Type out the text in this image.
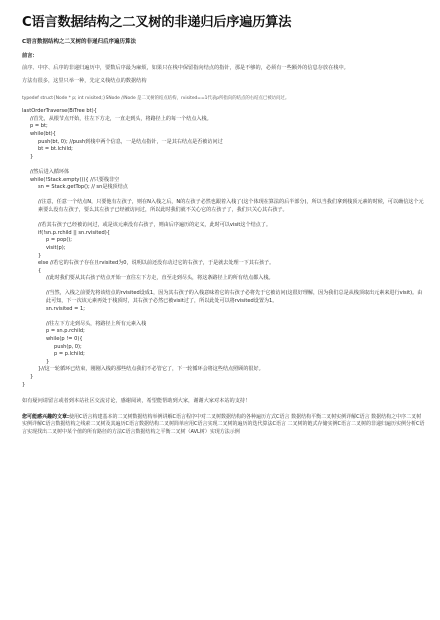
C语言数据结构之二叉树的非递归后序遍历算法
C语言数据结构之二叉树的非递归后序遍历算法
前言：
前序、中序、后序的非递归遍历中，要数后序最为麻烦，如果只在栈中保留指向结点的指针，那是不够的，必须有一些额外的信息存放在栈中。
方法有很多，这里只举一种，先定义栈结点的数据结构
typedef struct{Node * p; int rvisited;}SNode //Node 是二叉树的结点结构，rvisited==1代表p所指向的结点的右结点已被访问过。
lastOrderTraverse(BiTree bt){
//首先，从根节点开始，往左下方走，一直走到头，将路径上的每一个结点入栈。
p = bt;
while(bt){
push(bt, 0); //push到栈中两个信息，一是结点指针，一是其右结点是否被访问过
bt = bt.lchild;
}

//然后进入循环体
while(!Stack.empty()){ //只要栈非空
sn = Stack.getTop(); // sn是栈顶结点

//注意，任意一个结点N，只要他有左孩子，则在N入栈之后，N的左孩子必然也跟着入栈了(这个体现在算法的后半部分)，所以当我们拿到栈顶元素的时候，可以确信这个元素要么没有左孩子，要么其左孩子已经被访问过，所以此时我们就不关心它的左孩子了，我们只关心其右孩子。

//若其右孩子已经被访问过，或是该元素没有右孩子，则由后序遍历的定义，此时可以visit这个结点了。
if(!sn.p.rchild || sn.rvisited){
p = pop();
visit(p);
}
else //若它的右孩子存在且rvisited为0，说明以前还没有动过它的右孩子，于是就去处理一下其右孩子。
{
//此时我们要从其右孩子结点开始一直往左下方走，直至走到尽头，将这条路径上的所有结点都入栈。

//当然，入栈之前要先将该结点的rvisited设成1，因为其右孩子的入栈意味着它的右孩子必将先于它被访问(这很好理解，因为我们总是从栈顶取出元素来进行visit)。由此可知，下一次该元素再处于栈顶时，其右孩子必然已被visit过了，所以此处可以将rvisited设置为1。
sn.rvisited = 1;

//往左下方走到尽头，将路径上所有元素入栈
p = sn.p.rchild;
while(p != 0){
push(p, 0);
p = p.lchild;
}
}//这一轮循环已结束，刚刚入栈的那些结点我们不必管它了，下一轮循环会将这些结点照顾的很好。
}
}
如有疑问请留言或者到本站社区交流讨论，感谢阅读，希望能帮助到大家，谢谢大家对本站的支持！
您可能感兴趣的文章:使用C语言构建基本的二叉树数据结构举例讲解C语言程序中对二叉树数据结构的各种遍历方式C语言 数据结构平衡二叉树实例详解C语言 数据结构之中序二叉树实例详解C语言数据结构之线索二叉树及其遍历C语言数据结构二叉树简单应用C语言实现二叉树的遍历的迭代算法C语言 二叉树的链式存储实例C语言二叉树的非递归遍历实例分析C语言实现找出二叉树中某个值的所有路径的方法C语言数据结构之平衡二叉树（AVL树）实现方法示例
